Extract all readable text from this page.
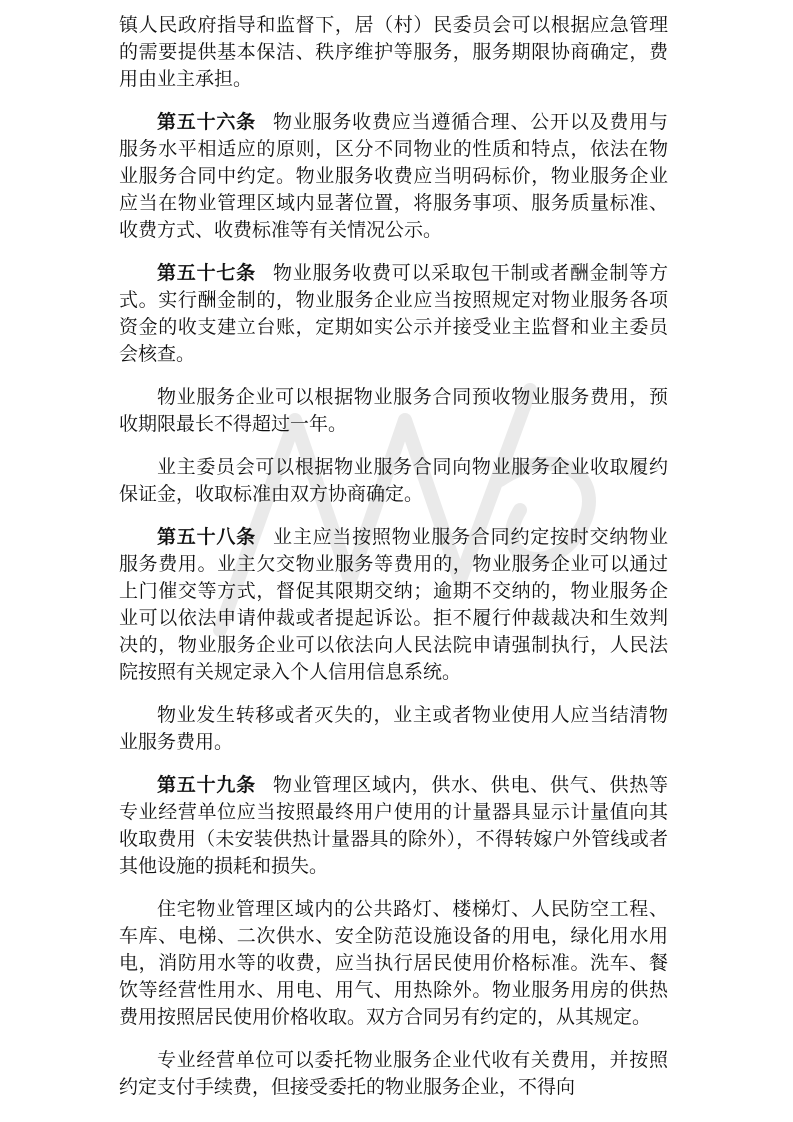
镇人民政府指导和监督下，居（村）民委员会可以根据应急管理的需要提供基本保洁、秩序维护等服务，服务期限协商确定，费用由业主承担。

第五十六条 物业服务收费应当遵循合理、公开以及费用与服务水平相适应的原则，区分不同物业的性质和特点，依法在物业服务合同中约定。物业服务收费应当明码标价，物业服务企业应当在物业管理区域内显著位置，将服务事项、服务质量标准、收费方式、收费标准等有关情况公示。

第五十七条 物业服务收费可以采取包干制或者酬金制等方式。实行酬金制的，物业服务企业应当按照规定对物业服务各项资金的收支建立台账，定期如实公示并接受业主监督和业主委员会核查。

物业服务企业可以根据物业服务合同预收物业服务费用，预收期限最长不得超过一年。

业主委员会可以根据物业服务合同向物业服务企业收取履约保证金，收取标准由双方协商确定。

第五十八条 业主应当按照物业服务合同约定按时交纳物业服务费用。业主欠交物业服务等费用的，物业服务企业可以通过上门催交等方式，督促其限期交纳；逾期不交纳的，物业服务企业可以依法申请仲裁或者提起诉讼。拒不履行仲裁裁决和生效判决的，物业服务企业可以依法向人民法院申请强制执行，人民法院按照有关规定录入个人信用信息系统。

物业发生转移或者灭失的，业主或者物业使用人应当结清物业服务费用。

第五十九条 物业管理区域内，供水、供电、供气、供热等专业经营单位应当按照最终用户使用的计量器具显示计量值向其收取费用（未安装供热计量器具的除外），不得转嫁户外管线或者其他设施的损耗和损失。

住宅物业管理区域内的公共路灯、楼梯灯、人民防空工程、车库、电梯、二次供水、安全防范设施设备的用电，绿化用水用电，消防用水等的收费，应当执行居民使用价格标准。洗车、餐饮等经营性用水、用电、用气、用热除外。物业服务用房的供热费用按照居民使用价格收取。双方合同另有约定的，从其规定。

专业经营单位可以委托物业服务企业代收有关费用，并按照约定支付手续费，但接受委托的物业服务企业，不得向
